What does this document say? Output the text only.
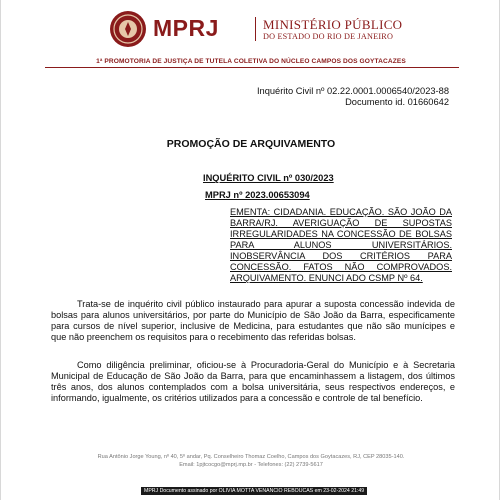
MPRJ	MINISTÉRIO PÚBLICO
DO ESTADO DO RIO DE JANEIRO
1ª PROMOTORIA DE JUSTIÇA DE TUTELA COLETIVA DO NÚCLEO CAMPOS DOS GOYTACAZES
Inquérito Civil nº 02.22.0001.0006540/2023-88
Documento id. 01660642
PROMOÇÃO DE ARQUIVAMENTO
INQUÉRITO CIVIL nº 030/2023
MPRJ nº 2023.00653094
EMENTA: CIDADANIA. EDUCAÇÃO. SÃO JOÃO DA BARRA/RJ. AVERIGUAÇÃO DE SUPOSTAS IRREGULARIDADES NA CONCESSÃO DE BOLSAS PARA ALUNOS UNIVERSITÁRIOS. INOBSERVÂNCIA DOS CRITÉRIOS PARA CONCESSÃO. FATOS NÃO COMPROVADOS. ARQUIVAMENTO. ENUNCI ADO CSMP Nº 64.
Trata-se de inquérito civil público instaurado para apurar a suposta concessão indevida de bolsas para alunos universitários, por parte do Município de São João da Barra, especificamente para cursos de nível superior, inclusive de Medicina, para estudantes que não são munícipes e que não preenchem os requisitos para o recebimento das referidas bolsas.
Como diligência preliminar, oficiou-se à Procuradoria-Geral do Município e à Secretaria Municipal de Educação de São João da Barra, para que encaminhassem a listagem, dos últimos três anos, dos alunos contemplados com a bolsa universitária, seus respectivos endereços, e informando, igualmente, os critérios utilizados para a concessão e controle de tal benefício.
Rua Antônio Jorge Young, nº 40, 5º andar, Pq. Conselheiro Thomaz Coelho, Campos dos Goytacazes, RJ, CEP 28035-140.
Email: 1pjtcocgo@mprj.mp.br - Telefones: (22) 2739-5617
MPRJ Documento assinado por OLIVIA MOTTA VENANCIO REBOUCAS em 23-02-2024 21:49
